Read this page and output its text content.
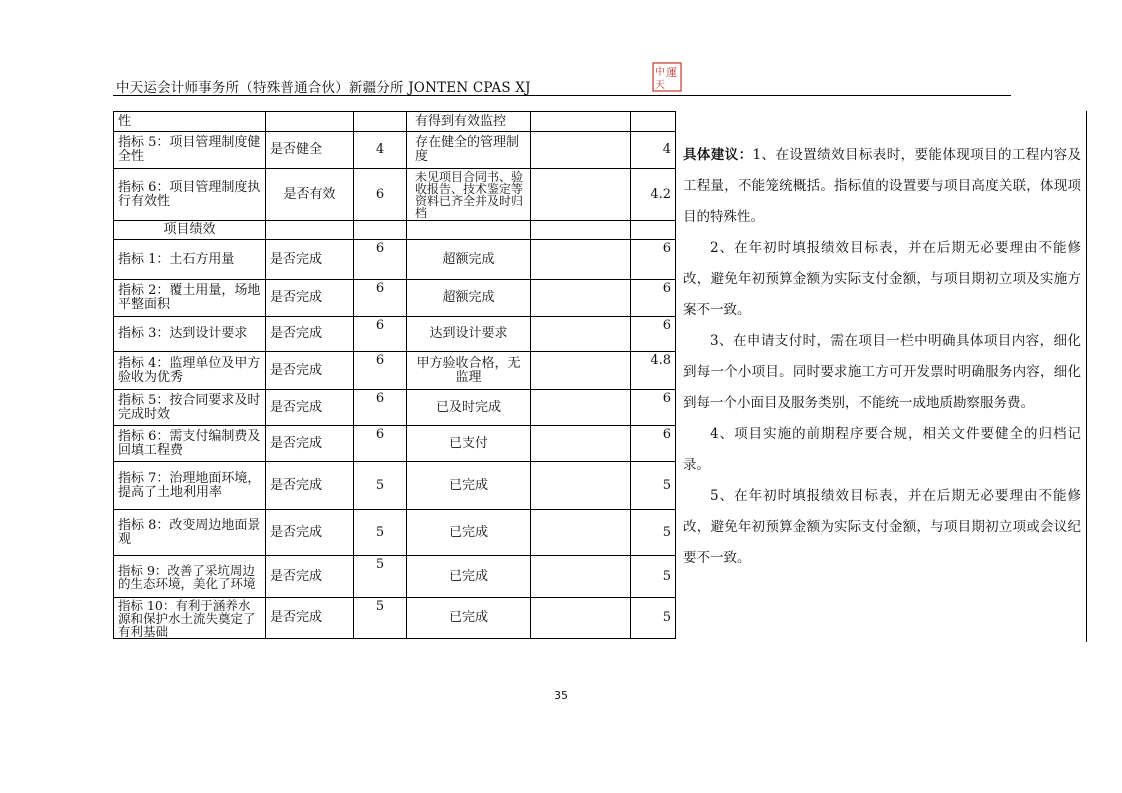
中天运会计师事务所（特殊普通合伙）新疆分所 JONTEN CPAS XJ
中 運
天
性			有得到有效监控		
指标 5：项目管理制度健全性	是否健全	4	存在健全的管理制度		4
指标 6：项目管理制度执行有效性	是否有效	6	未见项目合同书、验收报告、技术鉴定等资料已齐全并及时归档		4.2
项目绩效					
指标 1：土石方用量	是否完成	6	超额完成		6
指标 2：覆土用量，场地平整面积	是否完成	6	超额完成		6
指标 3：达到设计要求	是否完成	6	达到设计要求		6
指标 4：监理单位及甲方验收为优秀	是否完成	6	甲方验收合格，无监理		4.8
指标 5：按合同要求及时完成时效	是否完成	6	已及时完成		6
指标 6：需支付编制费及回填工程费	是否完成	6	已支付		6
指标 7：治理地面环境，提高了土地利用率	是否完成	5	已完成		5
指标 8：改变周边地面景观	是否完成	5	已完成		5
指标 9：改善了采坑周边的生态环境，美化了环境	是否完成	5	已完成		5
指标 10：有利于涵养水源和保护水土流失奠定了有利基础	是否完成	5	已完成		5

具体建议：1、在设置绩效目标表时，要能体现项目的工程内容及工程量，不能笼统概括。指标值的设置要与项目高度关联，体现项目的特殊性。

2、在年初时填报绩效目标表，并在后期无必要理由不能修改，避免年初预算金额为实际支付金额，与项目期初立项及实施方案不一致。

3、在申请支付时，需在项目一栏中明确具体项目内容，细化到每一个小项目。同时要求施工方可开发票时明确服务内容，细化到每一个小面目及服务类别，不能统一成地质勘察服务费。

4、项目实施的前期程序要合规，相关文件要健全的归档记录。

5、在年初时填报绩效目标表，并在后期无必要理由不能修改，避免年初预算金额为实际支付金额，与项目期初立项或会议纪要不一致。

35
